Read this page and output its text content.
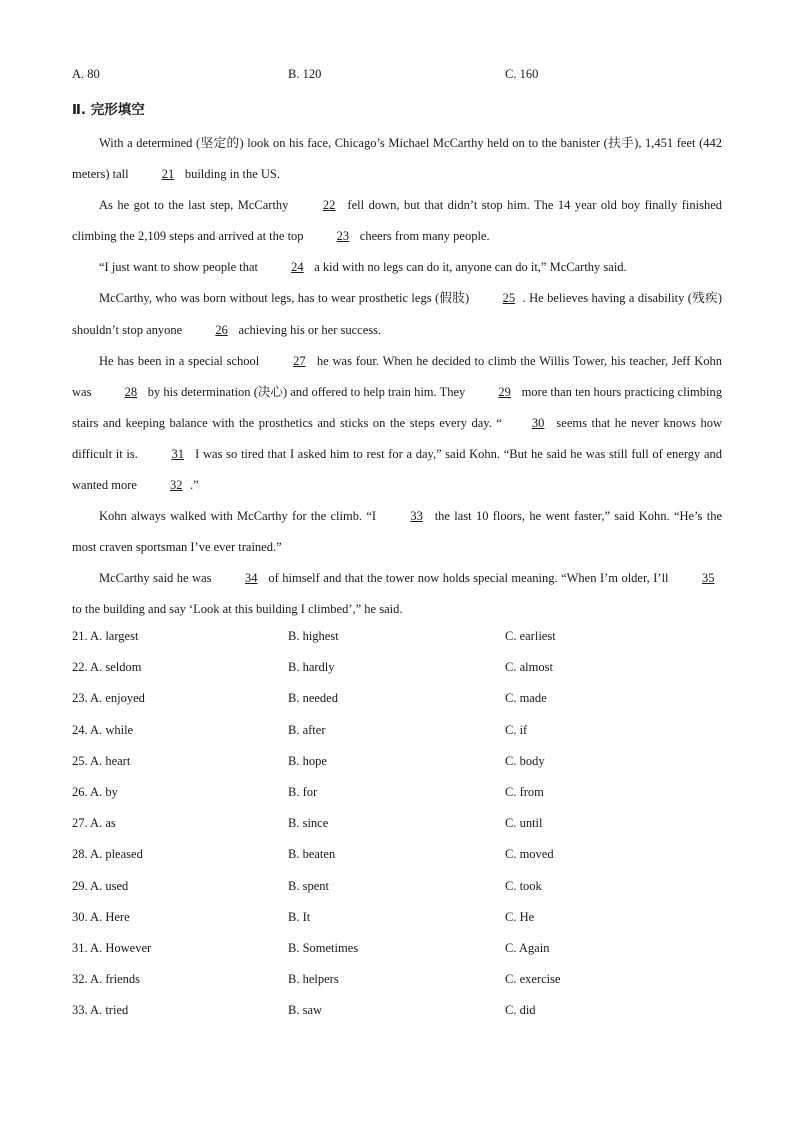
A. 80	B. 120	C. 160
Ⅱ. 完形填空

With a determined (坚定的) look on his face, Chicago’s Michael McCarthy held on to the banister (扶手), 1,451 feet (442 meters) tall 21 building in the US.

As he got to the last step, McCarthy 22 fell down, but that didn’t stop him. The 14 year old boy finally finished climbing the 2,109 steps and arrived at the top 23 cheers from many people.

“I just want to show people that 24 a kid with no legs can do it, anyone can do it,” McCarthy said.

McCarthy, who was born without legs, has to wear prosthetic legs (假肢) 25 . He believes having a disability (残疾) shouldn’t stop anyone 26 achieving his or her success.

He has been in a special school 27 he was four. When he decided to climb the Willis Tower, his teacher, Jeff Kohn was 28 by his determination (决心) and offered to help train him. They 29 more than ten hours practicing climbing stairs and keeping balance with the prosthetics and sticks on the steps every day. “ 30 seems that he never knows how difficult it is. 31 I was so tired that I asked him to rest for a day,” said Kohn. “But he said he was still full of energy and wanted more 32 .”

Kohn always walked with McCarthy for the climb. “I 33 the last 10 floors, he went faster,” said Kohn. “He’s the most craven sportsman I’ve ever trained.”

McCarthy said he was 34 of himself and that the tower now holds special meaning. “When I’m older, I’ll 35 to the building and say ‘Look at this building I climbed’,” he said.

21. A. largest	B. highest	C. earliest
22. A. seldom	B. hardly	C. almost
23. A. enjoyed	B. needed	C. made
24. A. while	B. after	C. if
25. A. heart	B. hope	C. body
26. A. by	B. for	C. from
27. A. as	B. since	C. until
28. A. pleased	B. beaten	C. moved
29. A. used	B. spent	C. took
30. A. Here	B. It	C. He
31. A. However	B. Sometimes	C. Again
32. A. friends	B. helpers	C. exercise
33. A. tried	B. saw	C. did
